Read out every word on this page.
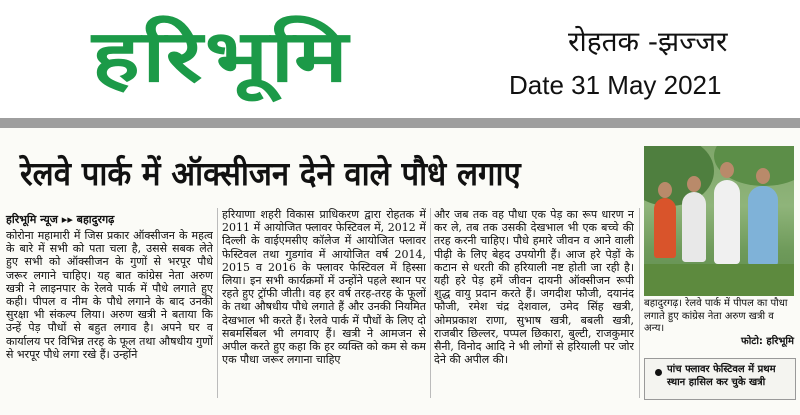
हरिभूमि	रोहतक -झज्जर
Date 31 May 2021
रेलवे पार्क में ऑक्सीजन देने वाले पौधे लगाए
हरिभूमि न्यूज ▸▸ बहादुरगढ़
कोरोना महामारी में जिस प्रकार ऑक्सीजन के महत्व के बारे में सभी को पता चला है, उससे सबक लेते हुए सभी को ऑक्सीजन के गुणों से भरपूर पौधे जरूर लगाने चाहिए। यह बात कांग्रेस नेता अरुण खत्री ने लाइनपार के रेलवे पार्क में पौधे लगाते हुए कही। पीपल व नीम के पौधे लगाने के बाद उनकी सुरक्षा भी संकल्प लिया। अरुण खत्री ने बताया कि उन्हें पेड़ पौधों से बहुत लगाव है। अपने घर व कार्यालय पर विभिन्न तरह के फूल तथा औषधीय गुणों से भरपूर पौधे लगा रखे हैं। उन्होंने
हरियाणा शहरी विकास प्राधिकरण द्वारा रोहतक में 2011 में आयोजित फ्लावर फेस्टिवल में, 2012 में दिल्ली के वाईएमसीए कॉलेज में आयोजित फ्लावर फेस्टिवल तथा गुडगांव में आयोजित वर्ष 2014, 2015 व 2016 के फ्लावर फेस्टिवल में हिस्सा लिया। इन सभी कार्यक्रमों में उन्होंने पहले स्थान पर रहते हुए ट्रॉफी जीती। वह हर वर्ष तरह-तरह के फूलों के तथा औषधीय पौधे लगाते हैं और उनकी नियमित देखभाल भी करते हैं। रेलवे पार्क में पौधों के लिए दो सबमर्सिबल भी लगवाए हैं। खत्री ने आमजन से अपील करते हुए कहा कि हर व्यक्ति को कम से कम एक पौधा जरूर लगाना चाहिए
और जब तक वह पौधा एक पेड़ का रूप धारण न कर ले, तब तक उसकी देखभाल भी एक बच्चे की तरह करनी चाहिए। पौधे हमारे जीवन व आने वाली पीढ़ी के लिए बेहद उपयोगी हैं। आज हरे पेड़ों के कटान से धरती की हरियाली नष्ट होती जा रही है। यही हरे पेड़ हमें जीवन दायनी ऑक्सीजन रूपी शुद्ध वायु प्रदान करते हैं। जगदीश फौजी, दयानंद फौजी, रमेश चंद्र देशवाल, उमेद सिंह खत्री, ओमप्रकाश राणा, सुभाष खत्री, बबली खत्री, राजबीर छिल्लर, पप्पल छिकारा, बुल्टी, राजकुमार सैनी, विनोद आदि ने भी लोगों से हरियाली पर जोर देने की अपील की।
बहादुरगढ़। रेलवे पार्क में पीपल का पौधा लगाते हुए कांग्रेस नेता अरुण खत्री व अन्य।
फोटो: हरिभूमि
पांच फ्लावर फेस्टिवल में प्रथम स्थान हासिल कर चुके खत्री
